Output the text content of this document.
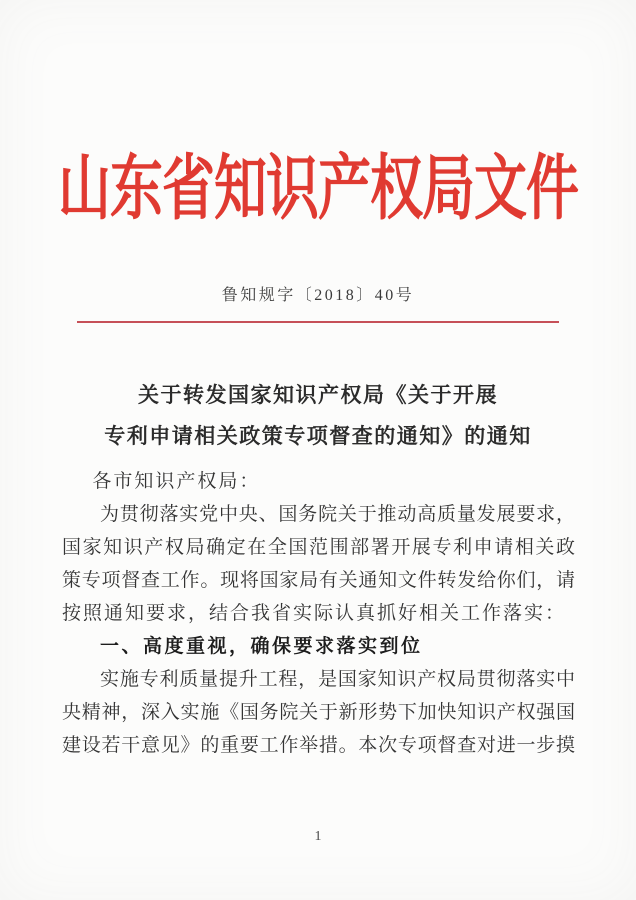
山东省知识产权局文件
鲁知规字〔2018〕40号
关于转发国家知识产权局《关于开展
专利申请相关政策专项督查的通知》的通知
各市知识产权局：
为贯彻落实党中央、国务院关于推动高质量发展要求，
国家知识产权局确定在全国范围部署开展专利申请相关政
策专项督查工作。现将国家局有关通知文件转发给你们，请
按照通知要求，结合我省实际认真抓好相关工作落实：
一、高度重视，确保要求落实到位
实施专利质量提升工程，是国家知识产权局贯彻落实中
央精神，深入实施《国务院关于新形势下加快知识产权强国
建设若干意见》的重要工作举措。本次专项督查对进一步摸
1
